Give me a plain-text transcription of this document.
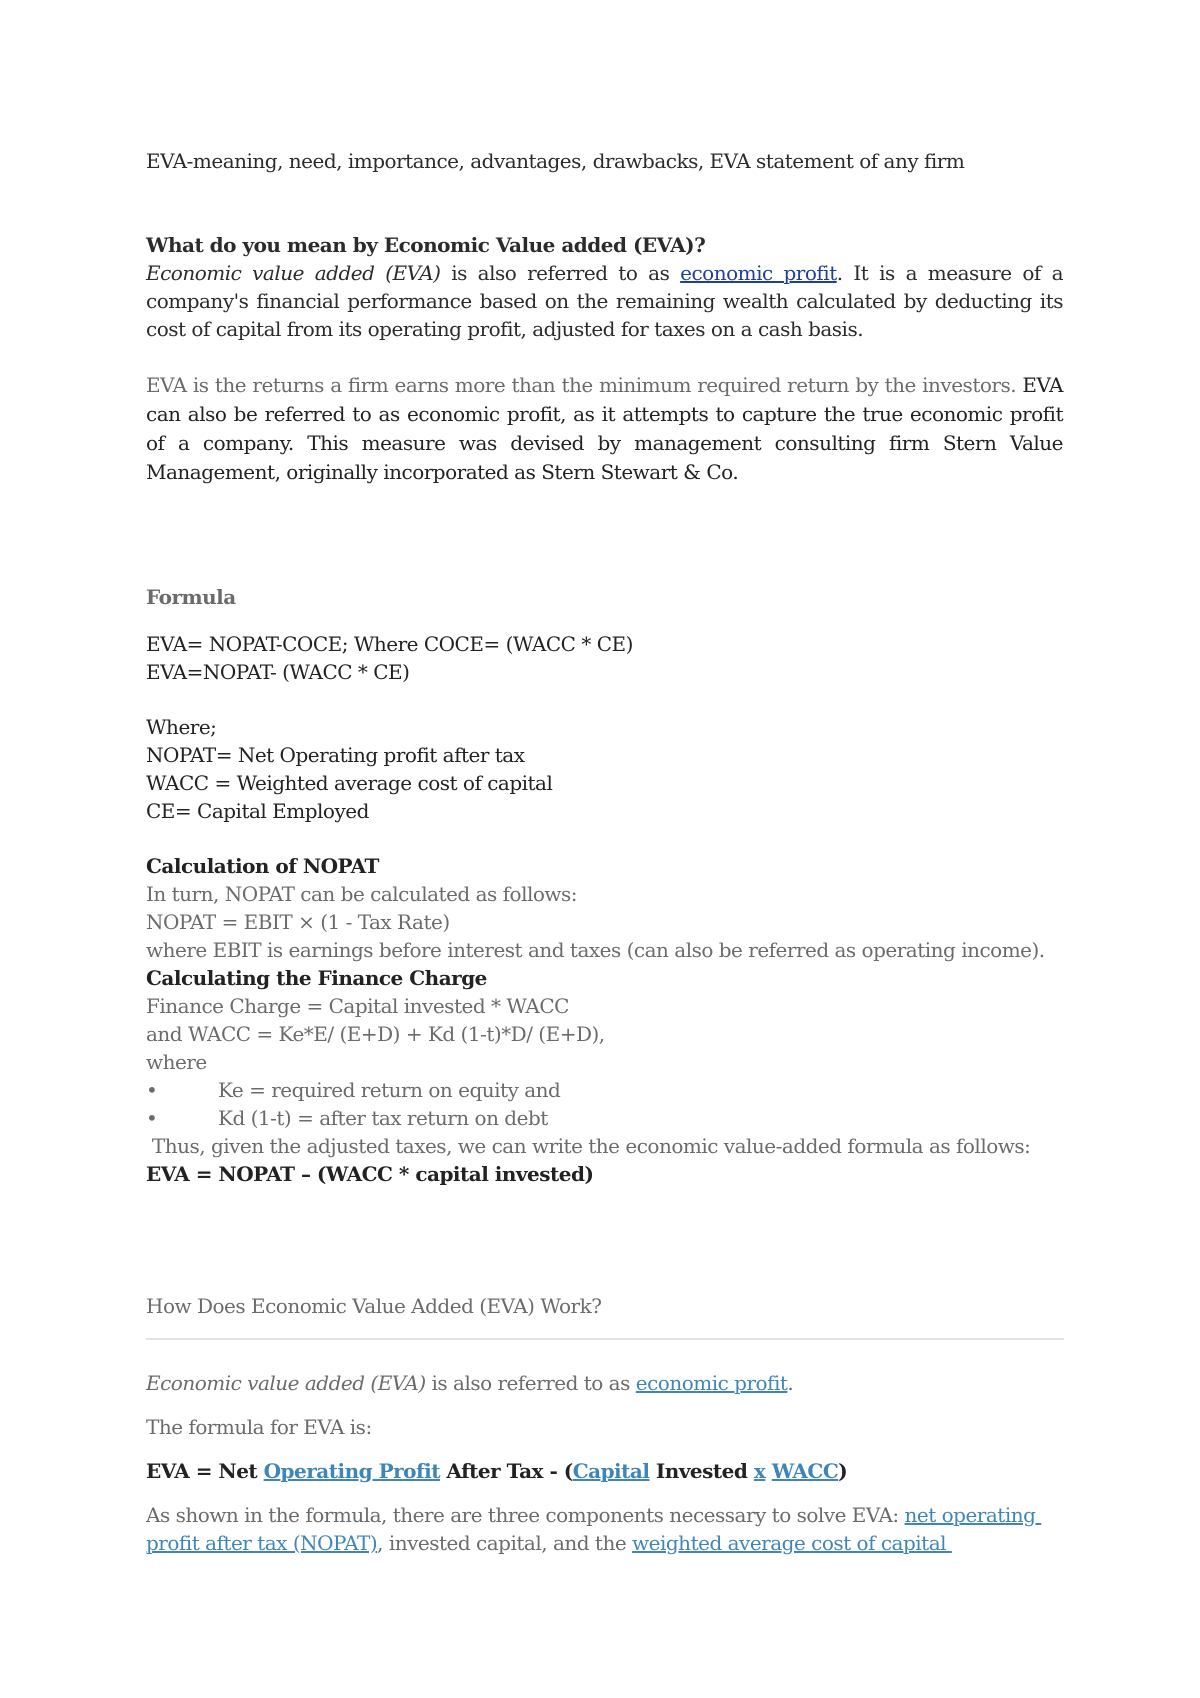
EVA-meaning, need, importance, advantages, drawbacks, EVA statement of any firm

What do you mean by Economic Value added (EVA)?

Economic value added (EVA) is also referred to as economic profit. It is a measure of a company's financial performance based on the remaining wealth calculated by deducting its cost of capital from its operating profit, adjusted for taxes on a cash basis.

EVA is the returns a firm earns more than the minimum required return by the investors. EVA can also be referred to as economic profit, as it attempts to capture the true economic profit of a company. This measure was devised by management consulting firm Stern Value Management, originally incorporated as Stern Stewart & Co.

Formula

EVA= NOPAT-COCE; Where COCE= (WACC * CE)

EVA=NOPAT- (WACC * CE)

Where;

NOPAT= Net Operating profit after tax

WACC = Weighted average cost of capital

CE= Capital Employed

Calculation of NOPAT

In turn, NOPAT can be calculated as follows:

NOPAT = EBIT × (1 - Tax Rate)

where EBIT is earnings before interest and taxes (can also be referred as operating income).

Calculating the Finance Charge

Finance Charge = Capital invested * WACC

and WACC = Ke*E/ (E+D) + Kd (1-t)*D/ (E+D),

where

•	Ke = required return on equity and

•	Kd (1-t) = after tax return on debt

Thus, given the adjusted taxes, we can write the economic value-added formula as follows:

EVA = NOPAT – (WACC * capital invested)

How Does Economic Value Added (EVA) Work?

Economic value added (EVA) is also referred to as economic profit.

The formula for EVA is:

EVA = Net Operating Profit After Tax - (Capital Invested x WACC)

As shown in the formula, there are three components necessary to solve EVA: net operating

profit after tax (NOPAT), invested capital, and the weighted average cost of capital
